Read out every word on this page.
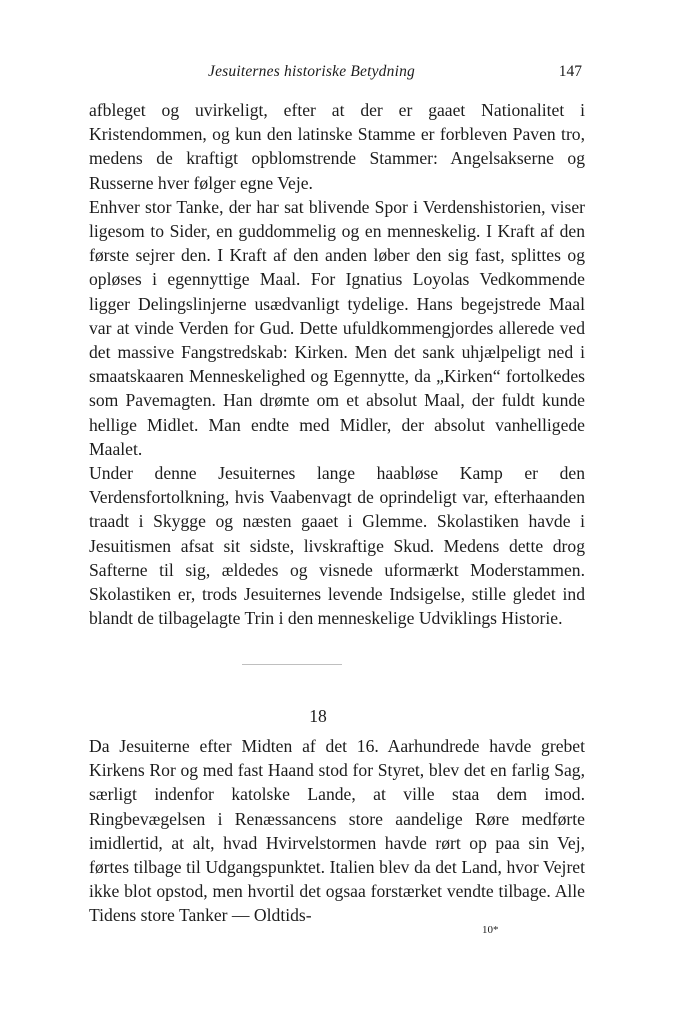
Jesuiternes historiske Betydning	147

afbleget og uvirkeligt, efter at der er gaaet Nationalitet i Kristendommen, og kun den latinske Stamme er forbleven Paven tro, medens de kraftigt opblomstrende Stammer: Angelsakserne og Russerne hver følger egne Veje.

Enhver stor Tanke, der har sat blivende Spor i Verdenshistorien, viser ligesom to Sider, en guddommelig og en menneskelig. I Kraft af den første sejrer den. I Kraft af den anden løber den sig fast, splittes og opløses i egennyttige Maal. For Ignatius Loyolas Vedkommende ligger Delingslinjerne usædvanligt tydelige. Hans begejstrede Maal var at vinde Verden for Gud. Dette ufuldkommengjordes allerede ved det massive Fangstredskab: Kirken. Men det sank uhjælpeligt ned i smaatskaaren Menneskelighed og Egennytte, da „Kirken“ fortolkedes som Pavemagten. Han drømte om et absolut Maal, der fuldt kunde hellige Midlet. Man endte med Midler, der absolut vanhelligede Maalet.

Under denne Jesuiternes lange haabløse Kamp er den Verdensfortolkning, hvis Vaabenvagt de oprindeligt var, efterhaanden traadt i Skygge og næsten gaaet i Glemme. Skolastiken havde i Jesuitismen afsat sit sidste, livskraftige Skud. Medens dette drog Safterne til sig, ældedes og visnede uformærkt Moderstammen. Skolastiken er, trods Jesuiternes levende Indsigelse, stille gledet ind blandt de tilbagelagte Trin i den menneskelige Udviklings Historie.

18

Da Jesuiterne efter Midten af det 16. Aarhundrede havde grebet Kirkens Ror og med fast Haand stod for Styret, blev det en farlig Sag, særligt indenfor katolske Lande, at ville staa dem imod. Ringbevægelsen i Renæssancens store aandelige Røre medførte imidlertid, at alt, hvad Hvirvelstormen havde rørt op paa sin Vej, førtes tilbage til Udgangspunktet. Italien blev da det Land, hvor Vejret ikke blot opstod, men hvortil det ogsaa forstærket vendte tilbage. Alle Tidens store Tanker — Oldtids-

10*
